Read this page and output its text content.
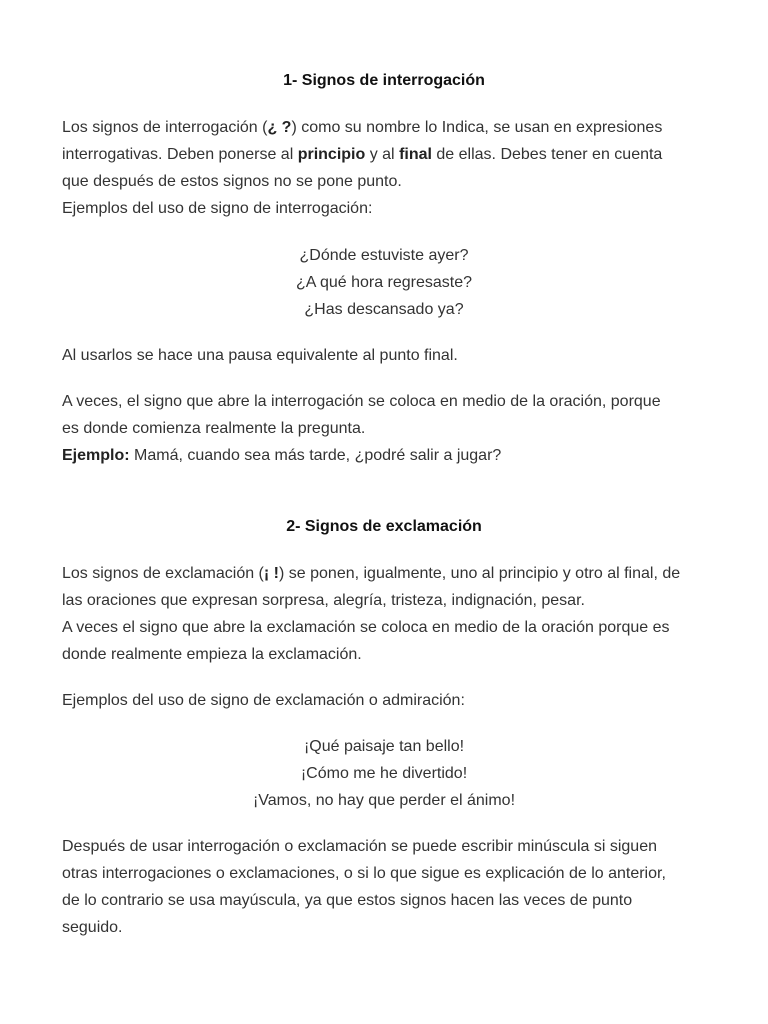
1- Signos de interrogación

Los signos de interrogación (¿ ?) como su nombre lo Indica, se usan en expresiones
interrogativas. Deben ponerse al principio y al final de ellas. Debes tener en cuenta
que después de estos signos no se pone punto.
Ejemplos del uso de signo de interrogación:

¿Dónde estuviste ayer?
¿A qué hora regresaste?
¿Has descansado ya?

Al usarlos se hace una pausa equivalente al punto final.

A veces, el signo que abre la interrogación se coloca en medio de la oración, porque
es donde comienza realmente la pregunta.
Ejemplo: Mamá, cuando sea más tarde, ¿podré salir a jugar?

2- Signos de exclamación

Los signos de exclamación (¡ !) se ponen, igualmente, uno al principio y otro al final, de
las oraciones que expresan sorpresa, alegría, tristeza, indignación, pesar.
A veces el signo que abre la exclamación se coloca en medio de la oración porque es
donde realmente empieza la exclamación.

Ejemplos del uso de signo de exclamación o admiración:

¡Qué paisaje tan bello!
¡Cómo me he divertido!
¡Vamos, no hay que perder el ánimo!

Después de usar interrogación o exclamación se puede escribir minúscula si siguen
otras interrogaciones o exclamaciones, o si lo que sigue es explicación de lo anterior,
de lo contrario se usa mayúscula, ya que estos signos hacen las veces de punto
seguido.
